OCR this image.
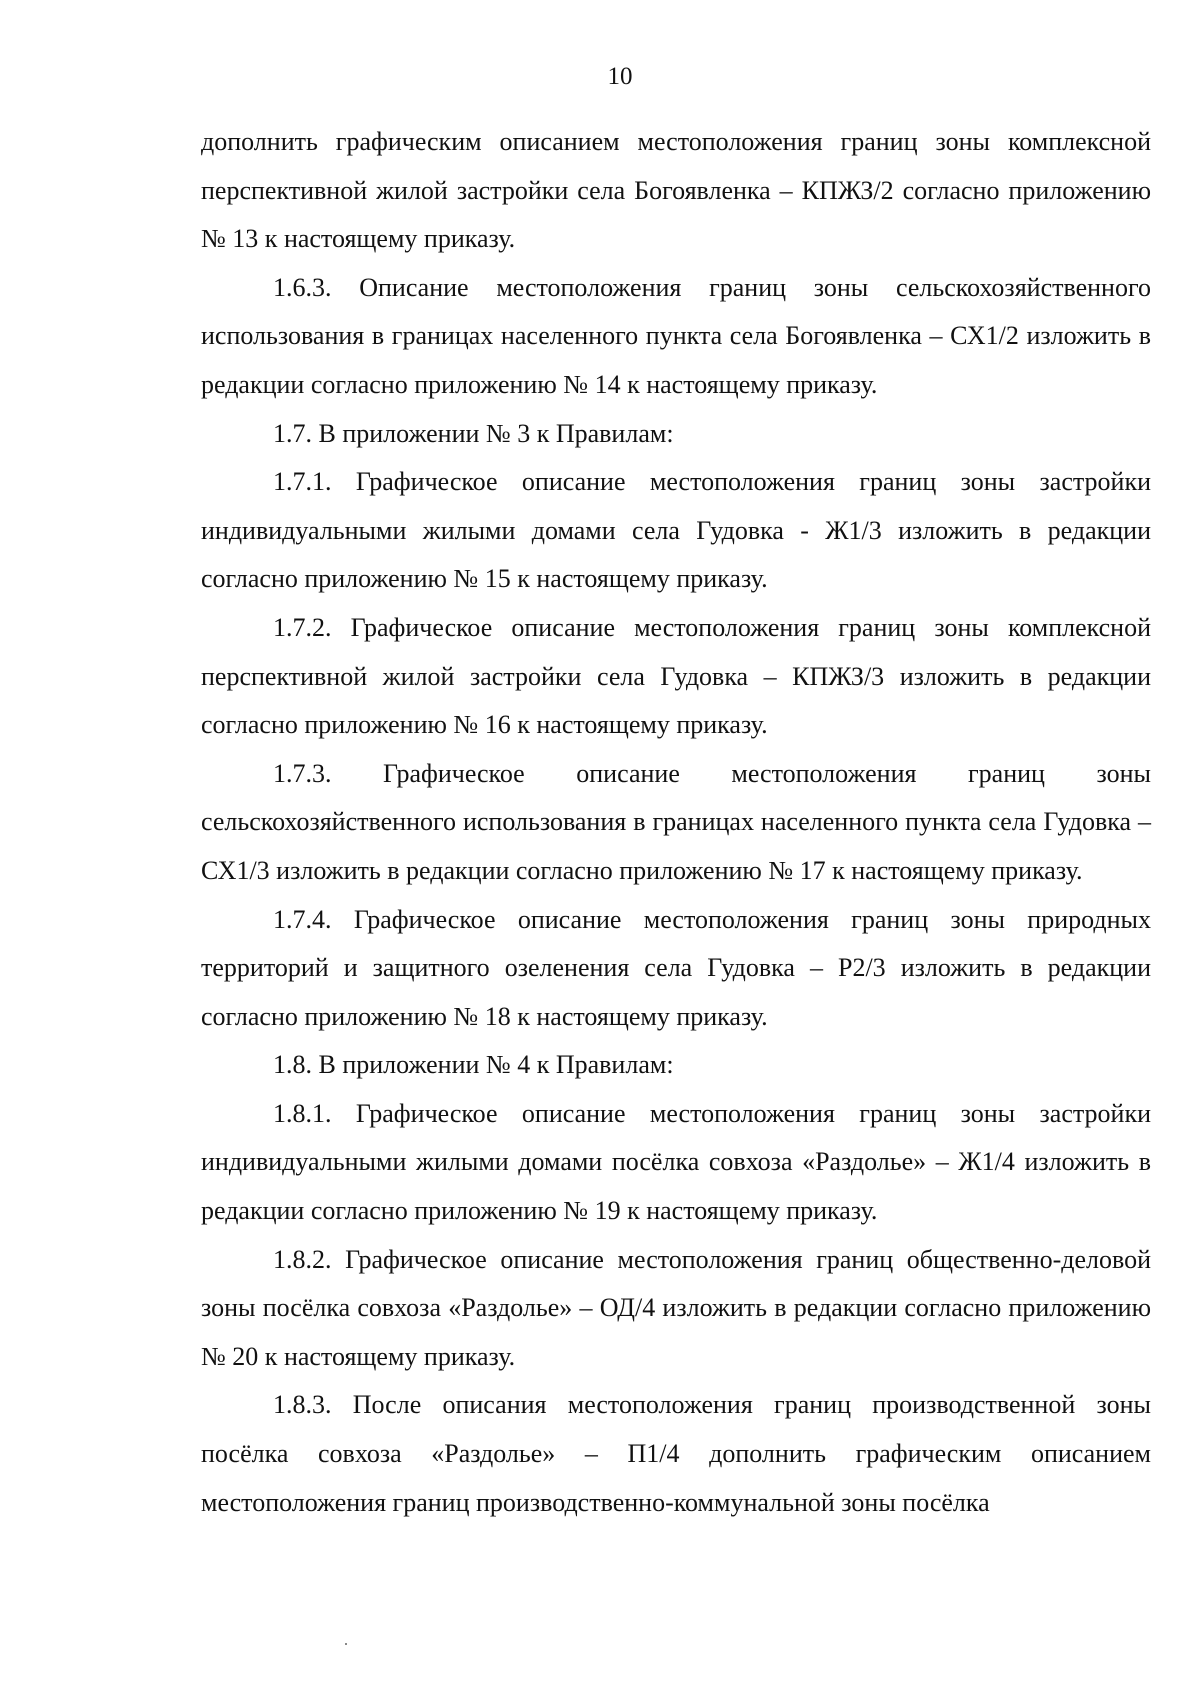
10

дополнить графическим описанием местоположения границ зоны комплексной перспективной жилой застройки села Богоявленка – КПЖЗ/2 согласно приложению № 13 к настоящему приказу.

1.6.3. Описание местоположения границ зоны сельскохозяйственного использования в границах населенного пункта села Богоявленка – СХ1/2 изложить в редакции согласно приложению № 14 к настоящему приказу.

1.7. В приложении № 3 к Правилам:

1.7.1. Графическое описание местоположения границ зоны застройки индивидуальными жилыми домами села Гудовка - Ж1/3 изложить в редакции согласно приложению № 15 к настоящему приказу.

1.7.2. Графическое описание местоположения границ зоны комплексной перспективной жилой застройки села Гудовка – КПЖЗ/3 изложить в редакции согласно приложению № 16 к настоящему приказу.

1.7.3. Графическое описание местоположения границ зоны сельскохозяйственного использования в границах населенного пункта села Гудовка – СХ1/3 изложить в редакции согласно приложению № 17 к настоящему приказу.

1.7.4. Графическое описание местоположения границ зоны природных территорий и защитного озеленения села Гудовка – Р2/3 изложить в редакции согласно приложению № 18 к настоящему приказу.

1.8. В приложении № 4 к Правилам:

1.8.1. Графическое описание местоположения границ зоны застройки индивидуальными жилыми домами посёлка совхоза «Раздолье» – Ж1/4 изложить в редакции согласно приложению № 19 к настоящему приказу.

1.8.2. Графическое описание местоположения границ общественно-деловой зоны посёлка совхоза «Раздолье» – ОД/4 изложить в редакции согласно приложению № 20 к настоящему приказу.

1.8.3. После описания местоположения границ производственной зоны посёлка совхоза «Раздолье» – П1/4 дополнить графическим описанием местоположения границ производственно-коммунальной зоны посёлка
